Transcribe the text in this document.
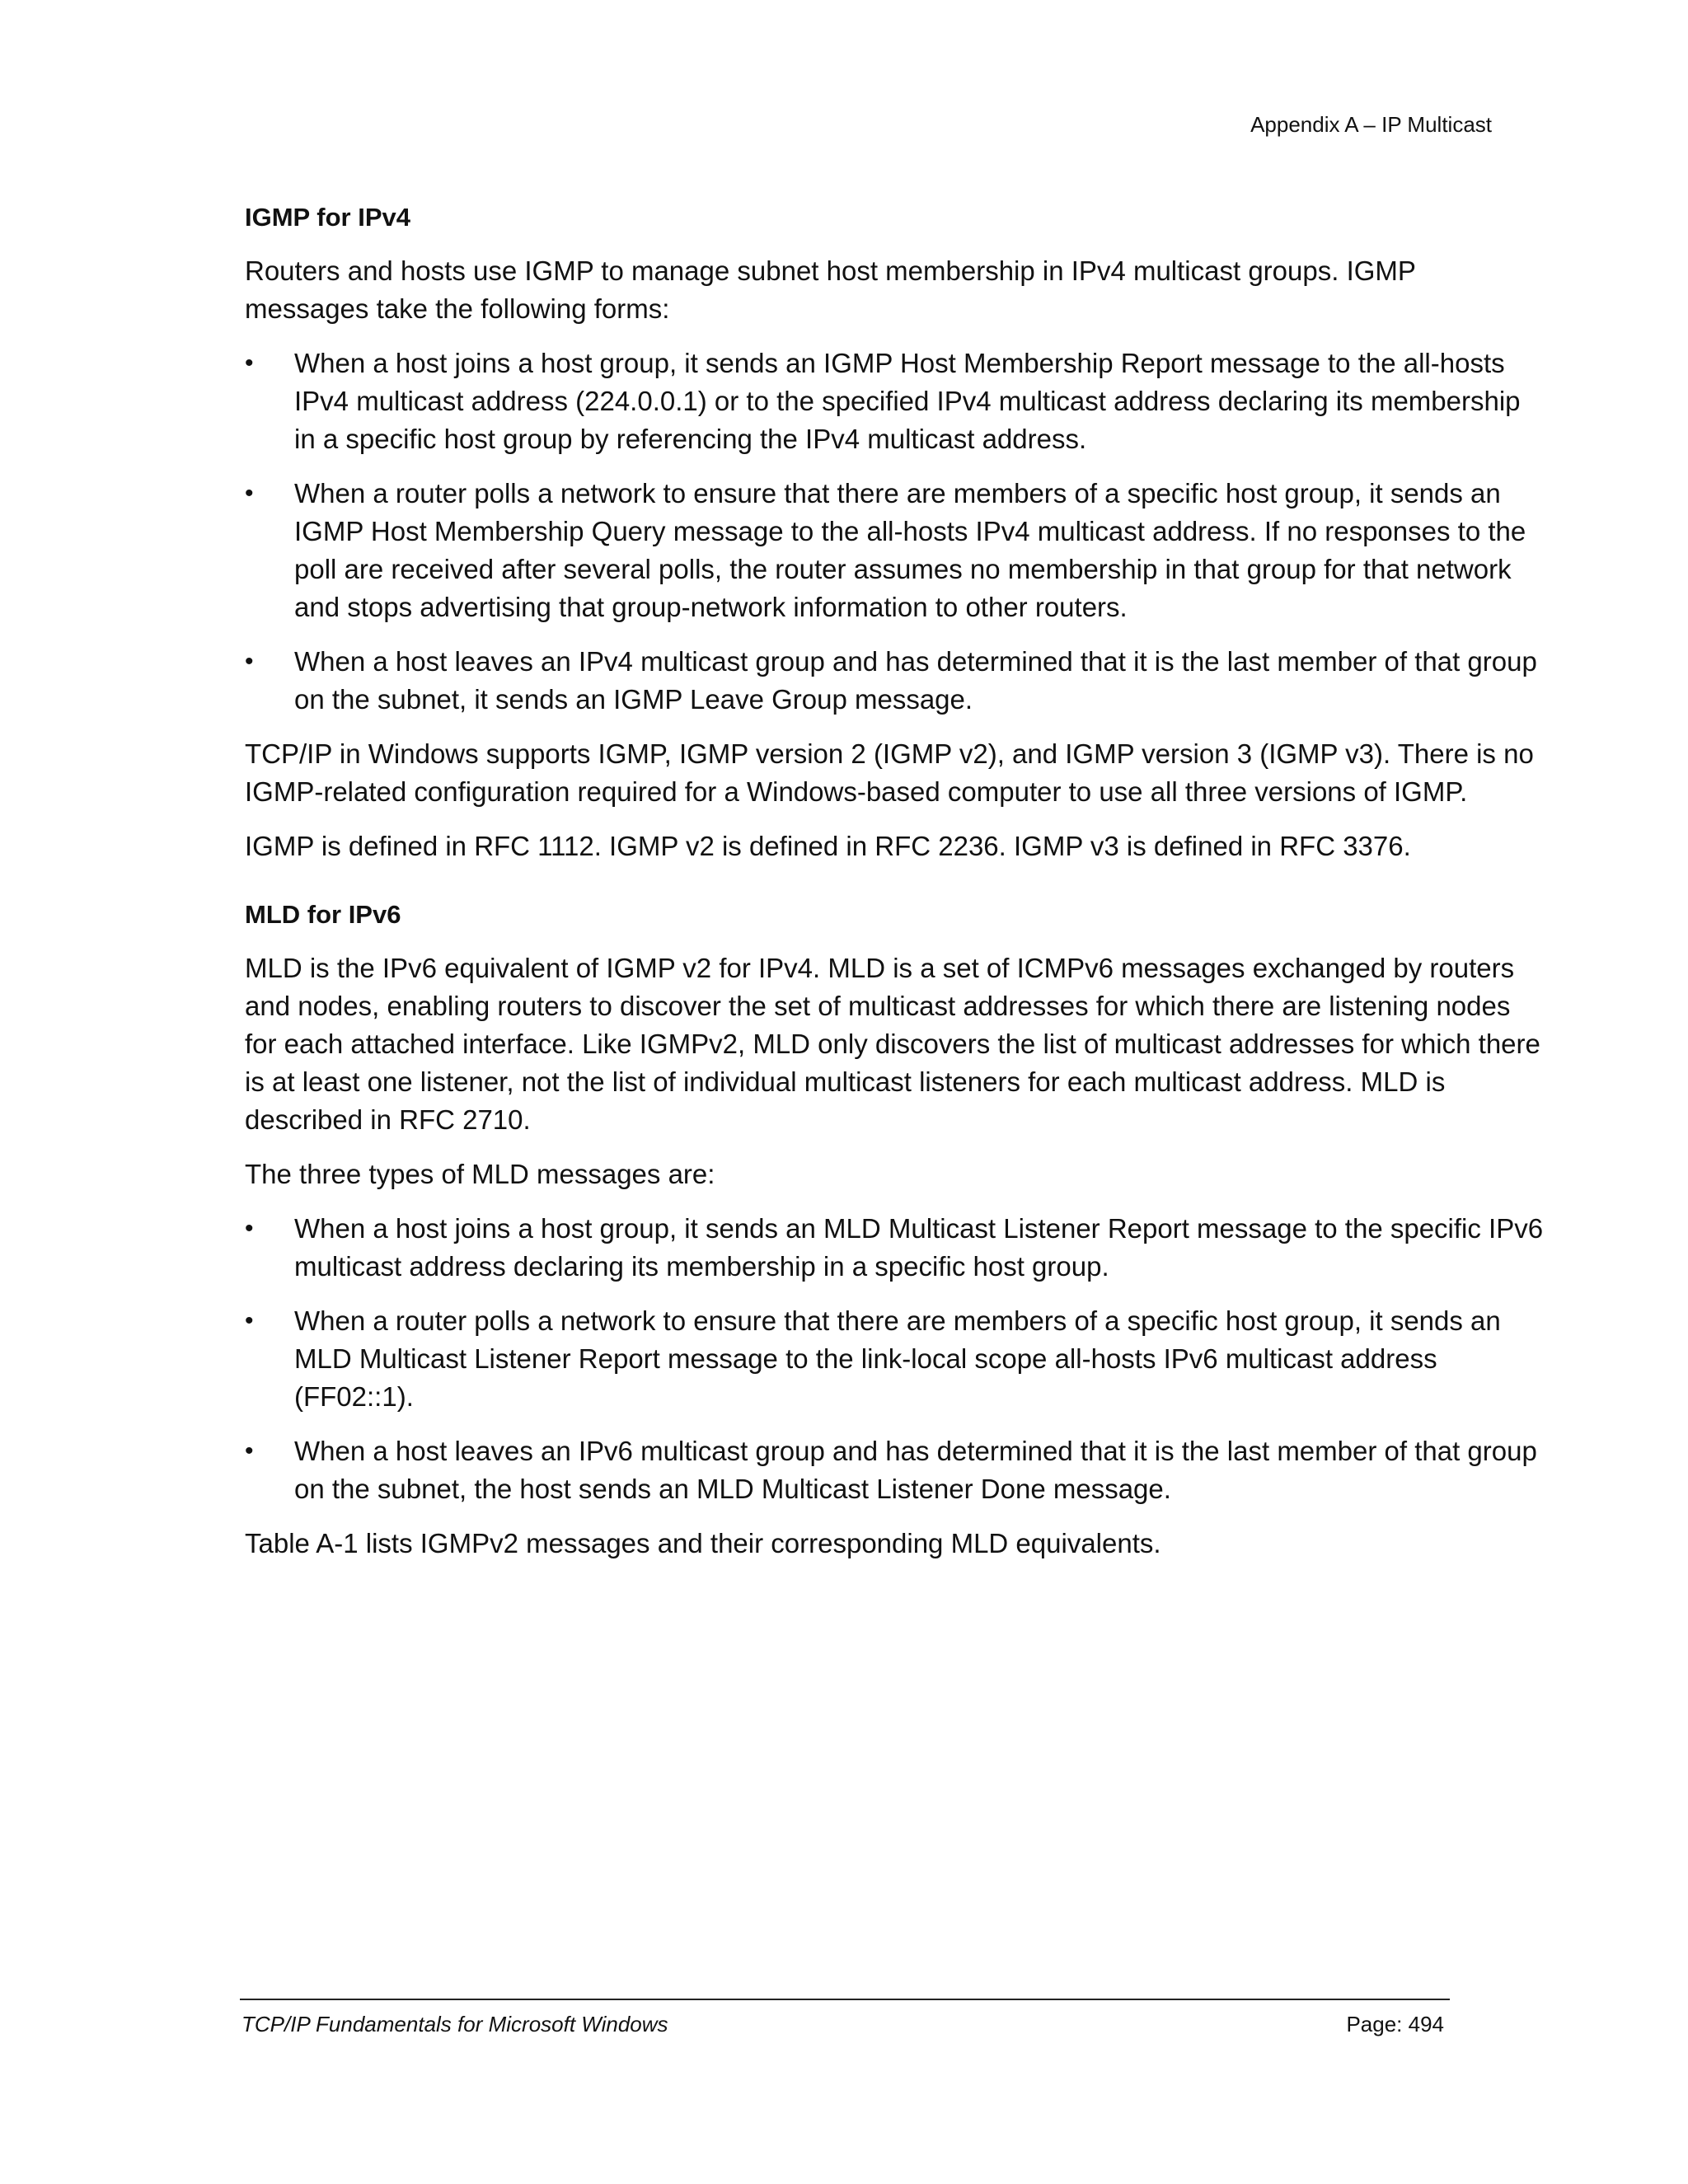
Appendix A – IP Multicast
IGMP for IPv4

Routers and hosts use IGMP to manage subnet host membership in IPv4 multicast groups. IGMP messages take the following forms:

• When a host joins a host group, it sends an IGMP Host Membership Report message to the all-hosts IPv4 multicast address (224.0.0.1) or to the specified IPv4 multicast address declaring its membership in a specific host group by referencing the IPv4 multicast address.
• When a router polls a network to ensure that there are members of a specific host group, it sends an IGMP Host Membership Query message to the all-hosts IPv4 multicast address. If no responses to the poll are received after several polls, the router assumes no membership in that group for that network and stops advertising that group-network information to other routers.
• When a host leaves an IPv4 multicast group and has determined that it is the last member of that group on the subnet, it sends an IGMP Leave Group message.

TCP/IP in Windows supports IGMP, IGMP version 2 (IGMP v2), and IGMP version 3 (IGMP v3). There is no IGMP-related configuration required for a Windows-based computer to use all three versions of IGMP.

IGMP is defined in RFC 1112. IGMP v2 is defined in RFC 2236. IGMP v3 is defined in RFC 3376.

MLD for IPv6

MLD is the IPv6 equivalent of IGMP v2 for IPv4. MLD is a set of ICMPv6 messages exchanged by routers and nodes, enabling routers to discover the set of multicast addresses for which there are listening nodes for each attached interface. Like IGMPv2, MLD only discovers the list of multicast addresses for which there is at least one listener, not the list of individual multicast listeners for each multicast address. MLD is described in RFC 2710.

The three types of MLD messages are:

• When a host joins a host group, it sends an MLD Multicast Listener Report message to the specific IPv6 multicast address declaring its membership in a specific host group.
• When a router polls a network to ensure that there are members of a specific host group, it sends an MLD Multicast Listener Report message to the link-local scope all-hosts IPv6 multicast address (FF02::1).
• When a host leaves an IPv6 multicast group and has determined that it is the last member of that group on the subnet, the host sends an MLD Multicast Listener Done message.

Table A-1 lists IGMPv2 messages and their corresponding MLD equivalents.

TCP/IP Fundamentals for Microsoft Windows	Page: 494
